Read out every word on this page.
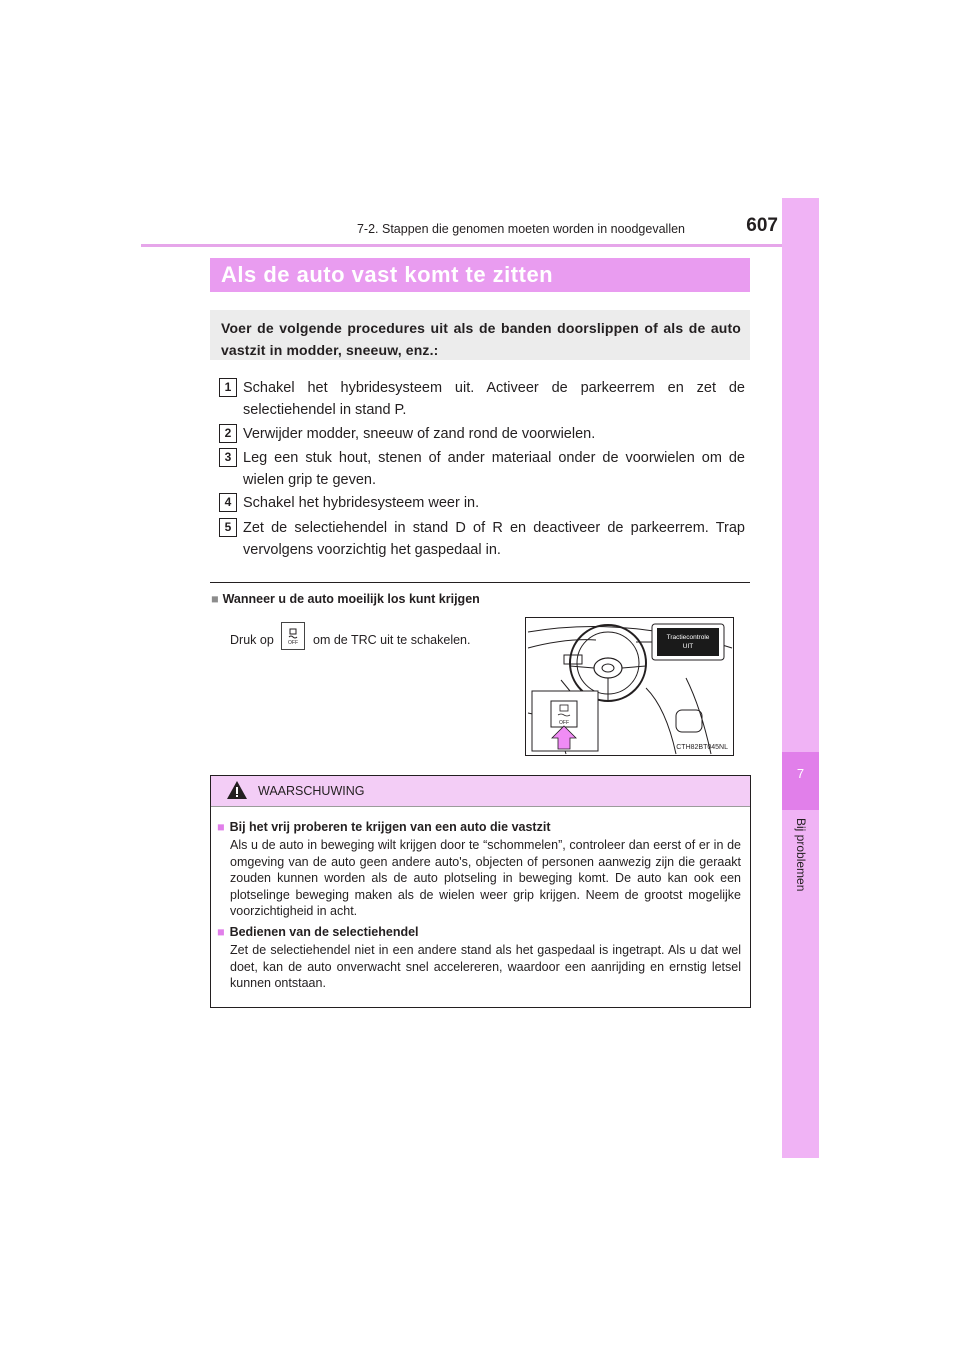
7-2. Stappen die genomen moeten worden in noodgevallen	607
7
Bij problemen
Als de auto vast komt te zitten
Voer de volgende procedures uit als de banden doorslippen of als de auto vastzit in modder, sneeuw, enz.:
1 Schakel het hybridesysteem uit. Activeer de parkeerrem en zet de selectiehendel in stand P.
2 Verwijder modder, sneeuw of zand rond de voorwielen.
3 Leg een stuk hout, stenen of ander materiaal onder de voorwielen om de wielen grip te geven.
4 Schakel het hybridesysteem weer in.
5 Zet de selectiehendel in stand D of R en deactiveer de parkeerrem. Trap vervolgens voorzichtig het gaspedaal in.
■ Wanneer u de auto moeilijk los kunt krijgen
Druk op	OFF om de TRC uit te schakelen.	Tractiecontrole
UIT
OFF
CTH82BT045NL
WAARSCHUWING
■ Bij het vrij proberen te krijgen van een auto die vastzit
Als u de auto in beweging wilt krijgen door te “schommelen”, controleer dan eerst of er in de omgeving van de auto geen andere auto's, objecten of personen aanwezig zijn die geraakt zouden kunnen worden als de auto plotseling in beweging komt. De auto kan ook een plotselinge beweging maken als de wielen weer grip krijgen. Neem de grootst mogelijke voorzichtigheid in acht.
■ Bedienen van de selectiehendel
Zet de selectiehendel niet in een andere stand als het gaspedaal is ingetrapt. Als u dat wel doet, kan de auto onverwacht snel accelereren, waardoor een aanrijding en ernstig letsel kunnen ontstaan.
